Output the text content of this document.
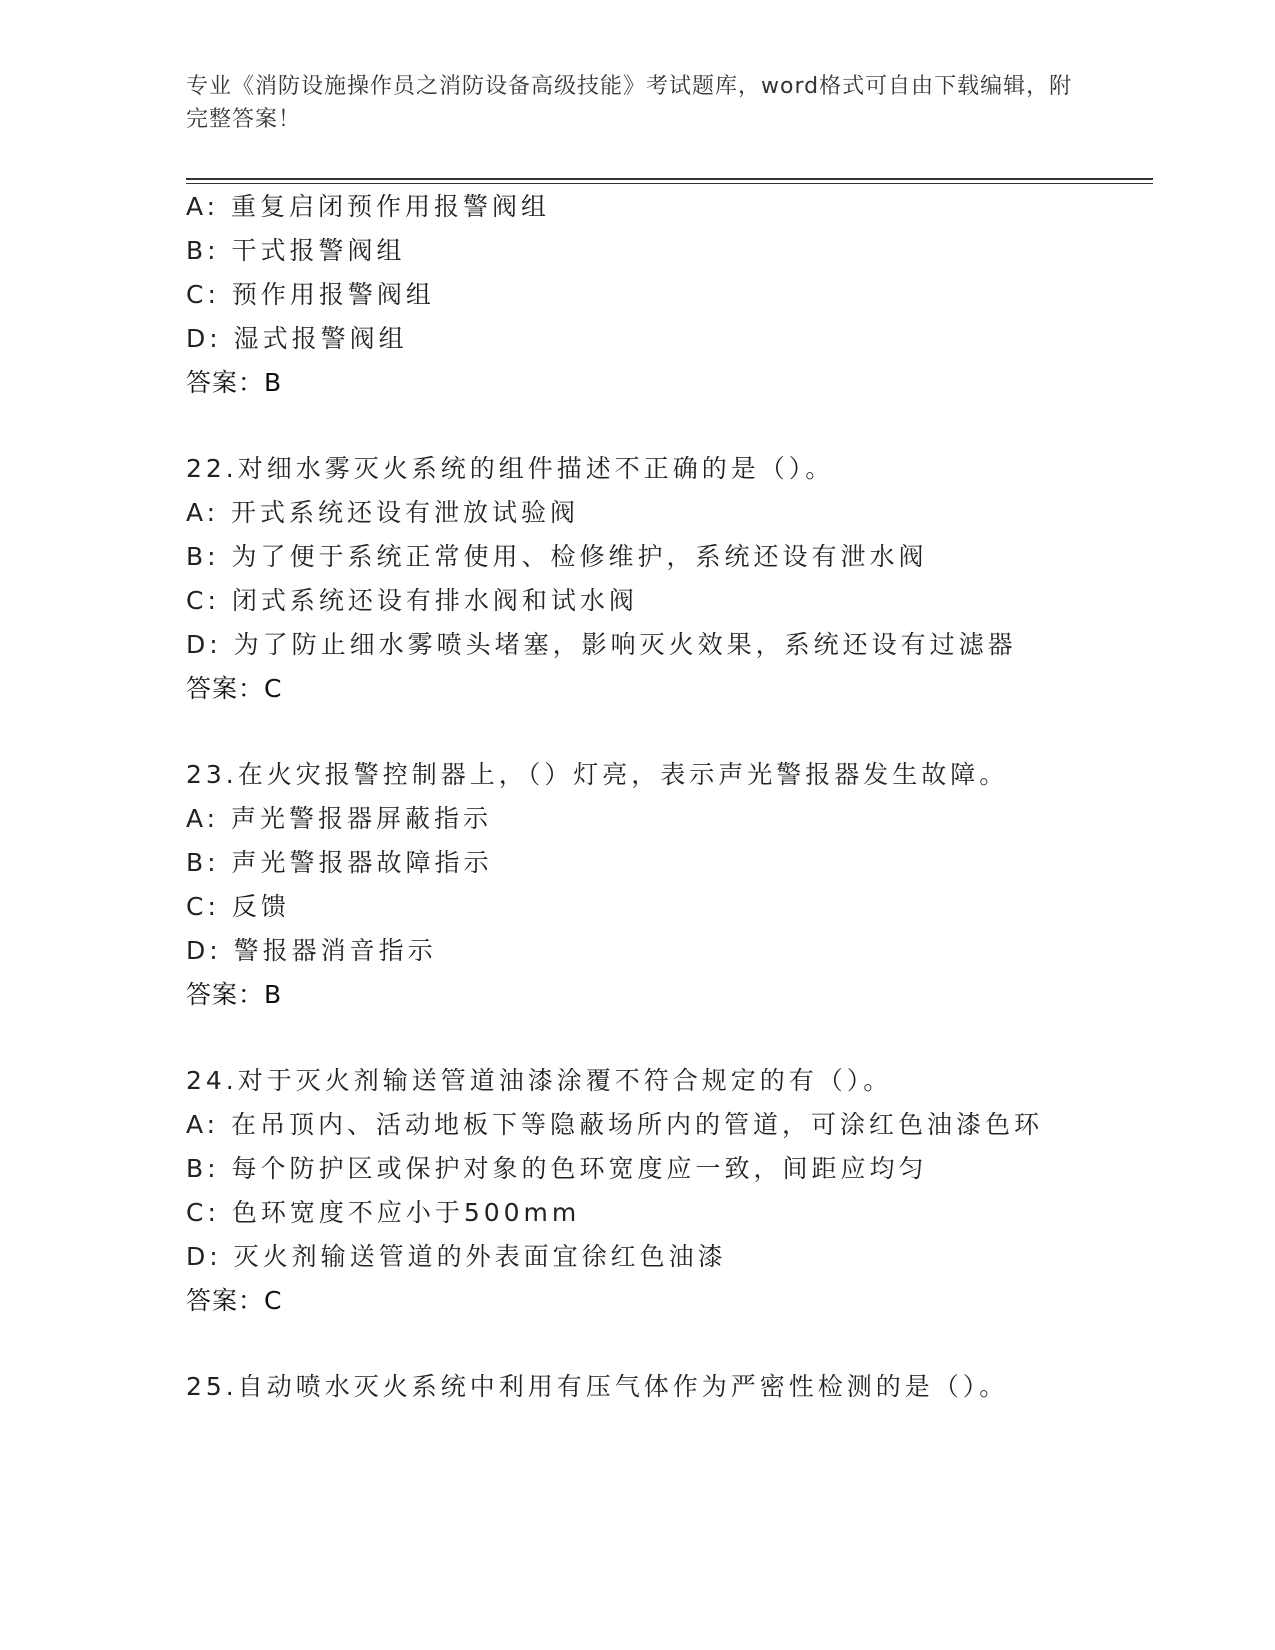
专业《消防设施操作员之消防设备高级技能》考试题库，word格式可自由下载编辑，附完整答案！
A: 重复启闭预作用报警阀组
B: 干式报警阀组
C: 预作用报警阀组
D: 湿式报警阀组
答案：B
22.对细水雾灭火系统的组件描述不正确的是（）。
A: 开式系统还设有泄放试验阀
B: 为了便于系统正常使用、检修维护，系统还设有泄水阀
C: 闭式系统还设有排水阀和试水阀
D: 为了防止细水雾喷头堵塞，影响灭火效果，系统还设有过滤器
答案：C
23.在火灾报警控制器上，（）灯亮，表示声光警报器发生故障。
A: 声光警报器屏蔽指示
B: 声光警报器故障指示
C: 反馈
D: 警报器消音指示
答案：B
24.对于灭火剂输送管道油漆涂覆不符合规定的有（）。
A: 在吊顶内、活动地板下等隐蔽场所内的管道，可涂红色油漆色环
B: 每个防护区或保护对象的色环宽度应一致，间距应均匀
C: 色环宽度不应小于500mm
D: 灭火剂输送管道的外表面宜徐红色油漆
答案：C
25.自动喷水灭火系统中利用有压气体作为严密性检测的是（）。
